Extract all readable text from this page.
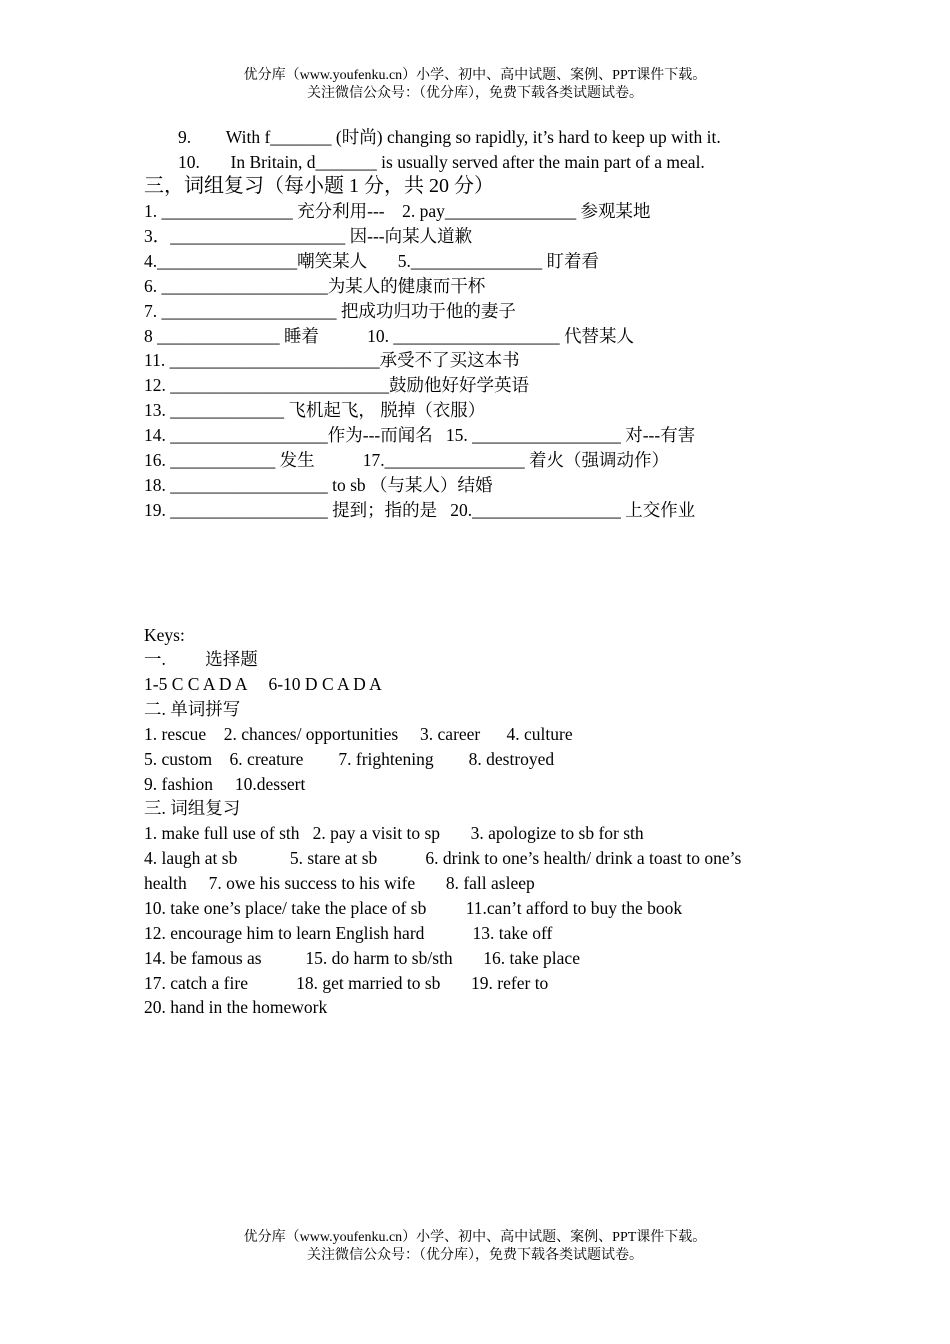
优分库（www.youfenku.cn）小学、初中、高中试题、案例、PPT课件下载。
关注微信公众号：（优分库），免费下载各类试题试卷。
9.        With f_______ (时尚) changing so rapidly, it’s hard to keep up with it.
10.       In Britain, d_______ is usually served after the main part of a meal.
三，词组复习（每小题 1 分，共 20 分）
1. _______________ 充分利用---    2. pay_______________ 参观某地
3．____________________ 因---向某人道歉
4.________________嘲笑某人       5._______________ 盯着看
6. ___________________为某人的健康而干杯
7. ____________________ 把成功归功于他的妻子
8 ______________ 睡着           10. ___________________ 代替某人
11. ________________________承受不了买这本书
12. _________________________鼓励他好好学英语
13. _____________ 飞机起飞， 脱掉（衣服）
14. __________________作为---而闻名   15. _________________ 对---有害
16. ____________ 发生           17.________________ 着火（强调动作）
18. __________________ to sb （与某人）结婚
19. __________________ 提到；指的是   20._________________ 上交作业
Keys:
一.         选择题
1-5 C C A D A     6-10 D C A D A
二. 单词拼写
1. rescue    2. chances/ opportunities     3. career      4. culture
5. custom    6. creature        7. frightening        8. destroyed
9. fashion     10.dessert
三. 词组复习
1. make full use of sth   2. pay a visit to sp       3. apologize to sb for sth
4. laugh at sb            5. stare at sb           6. drink to one’s health/ drink a toast to one’s
health     7. owe his success to his wife       8. fall asleep
10. take one’s place/ take the place of sb         11.can’t afford to buy the book
12. encourage him to learn English hard           13. take off
14. be famous as          15. do harm to sb/sth       16. take place
17. catch a fire           18. get married to sb       19. refer to
20. hand in the homework
优分库（www.youfenku.cn）小学、初中、高中试题、案例、PPT课件下载。
关注微信公众号：（优分库），免费下载各类试题试卷。
